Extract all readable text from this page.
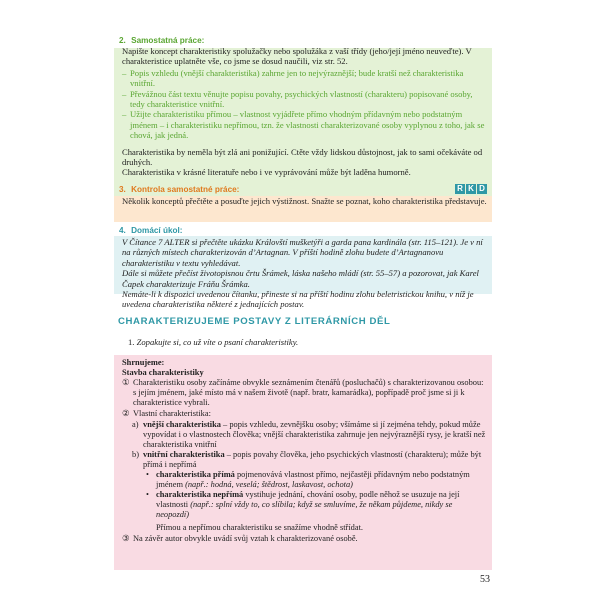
2. Samostatná práce:
Napište koncept charakteristiky spolužačky nebo spolužáka z vaší třídy (jeho/její jméno neuveďte). V charakteristice uplatněte vše, co jsme se dosud naučili, viz str. 52.
– Popis vzhledu (vnější charakteristika) zahrne jen to nejvýraznější; bude kratší než charakteristika vnitřní.
– Převážnou část textu věnujte popisu povahy, psychických vlastností (charakteru) popisované osoby, tedy charakteristice vnitřní.
– Užijte charakteristiku přímou – vlastnost vyjádřete přímo vhodným přídavným nebo podstatným jménem – i charakteristiku nepřímou, tzn. že vlastnosti charakterizované osoby vyplynou z toho, jak se chová, jak jedná.
Charakteristika by neměla být zlá ani ponižující. Ctěte vždy lidskou důstojnost, jak to sami očekáváte od druhých.
Charakteristika v krásné literatuře nebo i ve vyprávování může být laděna humorně.
3. Kontrola samostatné práce:	R K D
Několik konceptů přečtěte a posuďte jejich výstižnost. Snažte se poznat, koho charakteristika představuje.
4. Domácí úkol:
V Čítance 7 ALTER si přečtěte ukázku Královští mušketýři a garda pana kardinála (str. 115–121). Je v ní na různých místech charakterizován d’Artagnan. V příští hodině zlohu budete d’Artagnanovu charakteristiku v textu vyhledávat.
Dále si můžete přečíst životopisnou črtu Šrámek, láska našeho mládí (str. 55–57) a pozorovat, jak Karel Čapek charakterizuje Fráňu Šrámka.
Nemáte-li k dispozici uvedenou čítanku, přineste si na příští hodinu zlohu beletristickou knihu, v níž je uvedena charakteristika některé z jednajících postav.
CHARAKTERIZUJEME POSTAVY Z LITERÁRNÍCH DĚL
1. Zopakujte si, co už víte o psaní charakteristiky.
Shrnujeme:
Stavba charakteristiky
① Charakteristiku osoby začínáme obvykle seznámením čtenářů (posluchačů) s charakterizovanou osobou: s jejím jménem, jaké místo má v našem životě (např. bratr, kamarádka), popřípadě proč jsme si ji k charakteristice vybrali.
② Vlastní charakteristika:
a) vnější charakteristika – popis vzhledu, zevnějšku osoby; všímáme si jí zejména tehdy, pokud může vypovídat i o vlastnostech člověka; vnější charakteristika zahrnuje jen nejvýraznější rysy, je kratší než charakteristika vnitřní
b) vnitřní charakteristika – popis povahy člověka, jeho psychických vlastností (charakteru); může být přímá i nepřímá
• charakteristika přímá pojmenovává vlastnost přímo, nejčastěji přídavným nebo podstatným jménem (např.: hodná, veselá; štědrost, laskavost, ochota)
• charakteristika nepřímá vystihuje jednání, chování osoby, podle něhož se usuzuje na její vlastnosti (např.: splní vždy to, co slíbila; když se smluvíme, že někam půjdeme, nikdy se neopozdí)
Přímou a nepřímou charakteristiku se snažíme vhodně střídat.
③ Na závěr autor obvykle uvádí svůj vztah k charakterizované osobě.
53
